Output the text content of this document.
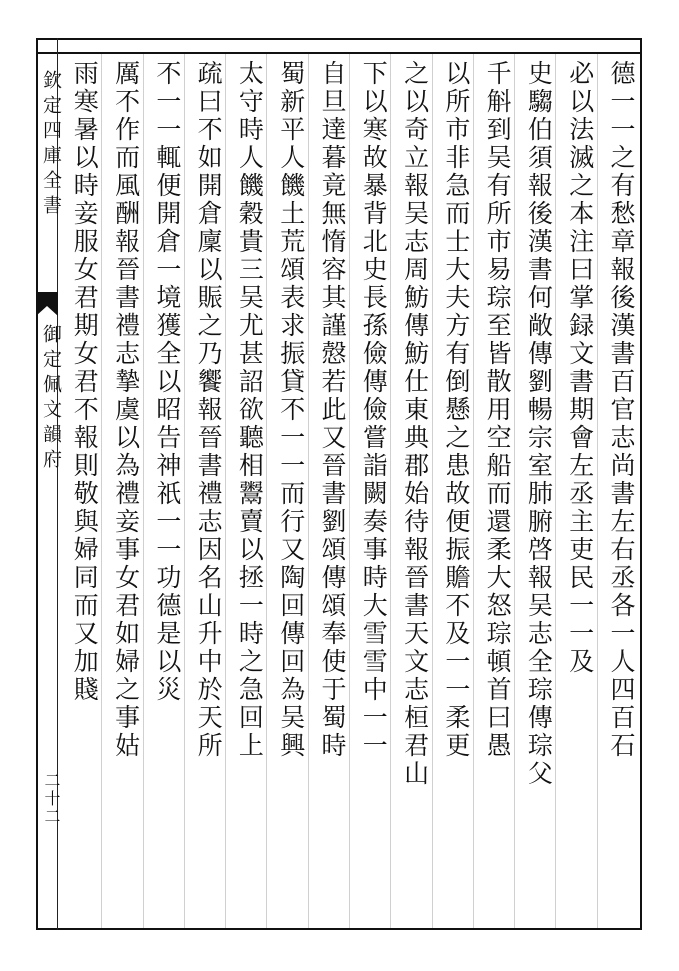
欽定四庫全書
御定佩文韻府
二十二
德一一之有愁章報後漢書百官志尚書左右丞各一人四百石
必以法滅之本注曰掌録文書期會左丞主吏民一一及
史騶伯須報後漢書何敞傳劉暢宗室肺腑啓報吴志全琮傳琮父
千斛到吴有所市易琮至皆散用空船而還柔大怒琮頓首曰愚
以所市非急而士大夫方有倒懸之患故便振贍不及一一柔更
之以奇立報吴志周魴傳魴仕東典郡始待報晉書天文志桓君山
下以寒故暴背北史長孫儉傳儉嘗詣闕奏事時大雪雪中一一
自旦達暮竟無惰容其謹慤若此又晉書劉頌傳頌奉使于蜀時
蜀新平人饑土荒頌表求振貸不一一而行又陶回傳回為吴興
太守時人饑穀貴三吴尤甚詔欲聽相鬻賣以拯一時之急回上
疏曰不如開倉廩以賑之乃饗報晉書禮志因名山升中於天所
不一一輒便開倉一境獲全以昭告神祇一一功德是以災
厲不作而風酬報晉書禮志摯虞以為禮妾事女君如婦之事姑
雨寒暑以時妾服女君期女君不報則敬與婦同而又加賤
